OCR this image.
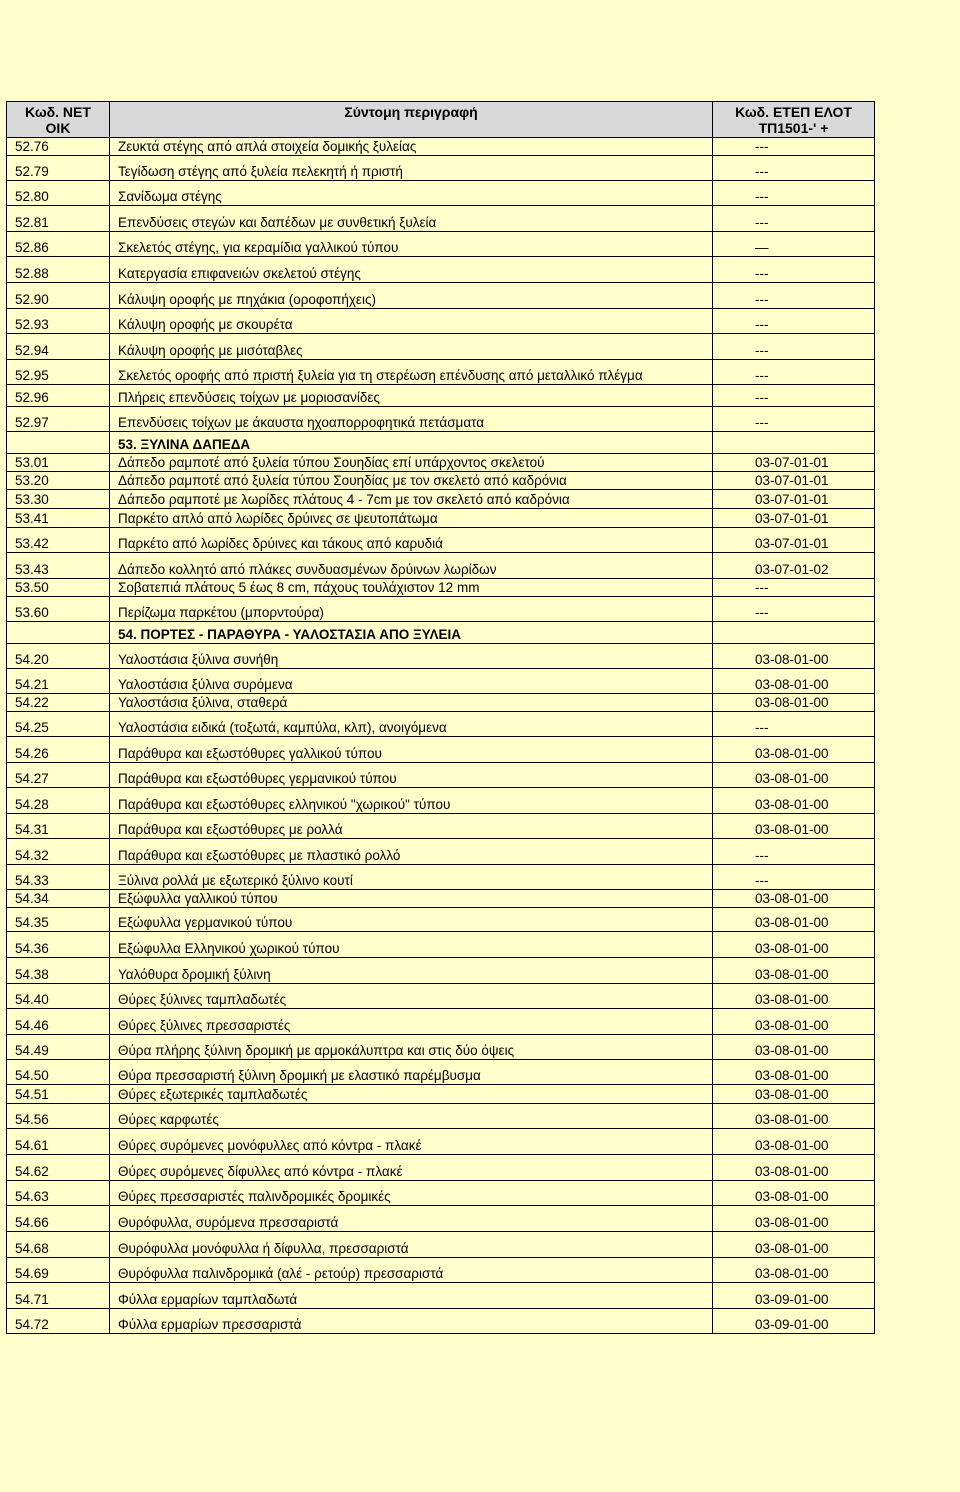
Κωδ. ΝΕΤ
ΟΙΚ	Σύντομη περιγραφή	Κωδ. ΕΤΕΠ ΕΛΟΤ
ΤΠ1501-' +

52.76	Ζευκτά στέγης από απλά στοιχεία δομικής ξυλείας	---
52.79	Τεγίδωση στέγης από ξυλεία πελεκητή ή πριστή	---
52.80	Σανίδωμα στέγης	---
52.81	Επενδύσεις στεγών και δαπέδων με συνθετική ξυλεία	---
52.86	Σκελετός στέγης, για κεραμίδια γαλλικού τύπου	—
52.88	Κατεργασία επιφανειών σκελετού στέγης	---
52.90	Κάλυψη οροφής με πηχάκια (οροφοπήχεις)	---
52.93	Κάλυψη οροφής με σκουρέτα	---
52.94	Κάλυψη οροφής με μισόταβλες	---
52.95	Σκελετός οροφής από πριστή ξυλεία για τη στερέωση επένδυσης από μεταλλικό πλέγμα	---
52.96	Πλήρεις επενδύσεις τοίχων με μοριοσανίδες	---
52.97	Επενδύσεις τοίχων με άκαυστα ηχοαπορροφητικά πετάσματα	---
	53. ΞΥΛΙΝΑ ΔΑΠΕΔΑ	
53.01	Δάπεδο ραμποτέ από ξυλεία τύπου Σουηδίας επί υπάρχοντος σκελετού	03-07-01-01
53.20	Δάπεδο ραμποτέ από ξυλεία τύπου Σουηδίας με τον σκελετό από καδρόνια	03-07-01-01
53.30	Δάπεδο ραμποτέ με λωρίδες πλάτους 4 - 7cm με τον σκελετό από καδρόνια	03-07-01-01
53.41	Παρκέτο απλό από λωρίδες δρύινες σε ψευτοπάτωμα	03-07-01-01
53.42	Παρκέτο από λωρίδες δρύινες και τάκους από καρυδιά	03-07-01-01
53.43	Δάπεδο κολλητό από πλάκες συνδυασμένων δρύινων λωρίδων	03-07-01-02
53.50	Σοβατεπιά πλάτους 5 έως 8 cm, πάχους τουλάχιστον 12 mm	---
53.60	Περίζωμα παρκέτου (μπορντούρα)	---
	54. ΠΟΡΤΕΣ - ΠΑΡΑΘΥΡΑ - ΥΑΛΟΣΤΑΣΙΑ ΑΠΟ ΞΥΛΕΙΑ	
54.20	Υαλοστάσια ξύλινα συνήθη	03-08-01-00
54.21	Υαλοστάσια ξύλινα συρόμενα	03-08-01-00
54.22	Υαλοστάσια ξύλινα, σταθερά	03-08-01-00
54.25	Υαλοστάσια ειδικά (τοξωτά, καμπύλα, κλπ), ανοιγόμενα	---
54.26	Παράθυρα και εξωστόθυρες γαλλικού τύπου	03-08-01-00
54.27	Παράθυρα και εξωστόθυρες γερμανικού τύπου	03-08-01-00
54.28	Παράθυρα και εξωστόθυρες ελληνικού "χωρικού" τύπου	03-08-01-00
54.31	Παράθυρα και εξωστόθυρες με ρολλά	03-08-01-00
54.32	Παράθυρα και εξωστόθυρες με πλαστικό ρολλό	---
54.33	Ξύλινα ρολλά με εξωτερικό ξύλινο κουτί	---
54.34	Εξώφυλλα γαλλικού τύπου	03-08-01-00
54.35	Εξώφυλλα γερμανικού τύπου	03-08-01-00
54.36	Εξώφυλλα Ελληνικού χωρικού τύπου	03-08-01-00
54.38	Υαλόθυρα δρομική ξύλινη	03-08-01-00
54.40	Θύρες ξύλινες ταμπλαδωτές	03-08-01-00
54.46	Θύρες ξύλινες πρεσσαριστές	03-08-01-00
54.49	Θύρα πλήρης ξύλινη δρομική με αρμοκάλυπτρα και στις δύο όψεις	03-08-01-00
54.50	Θύρα πρεσσαριστή ξύλινη δρομική με ελαστικό παρέμβυσμα	03-08-01-00
54.51	Θύρες εξωτερικές ταμπλαδωτές	03-08-01-00
54.56	Θύρες καρφωτές	03-08-01-00
54.61	Θύρες συρόμενες μονόφυλλες από κόντρα - πλακέ	03-08-01-00
54.62	Θύρες συρόμενες δίφυλλες από κόντρα - πλακέ	03-08-01-00
54.63	Θύρες πρεσσαριστές παλινδρομικές δρομικές	03-08-01-00
54.66	Θυρόφυλλα, συρόμενα πρεσσαριστά	03-08-01-00
54.68	Θυρόφυλλα μονόφυλλα ή δίφυλλα, πρεσσαριστά	03-08-01-00
54.69	Θυρόφυλλα παλινδρομικά (αλέ - ρετούρ) πρεσσαριστά	03-08-01-00
54.71	Φύλλα ερμαρίων ταμπλαδωτά	03-09-01-00
54.72	Φύλλα ερμαρίων πρεσσαριστά	03-09-01-00
